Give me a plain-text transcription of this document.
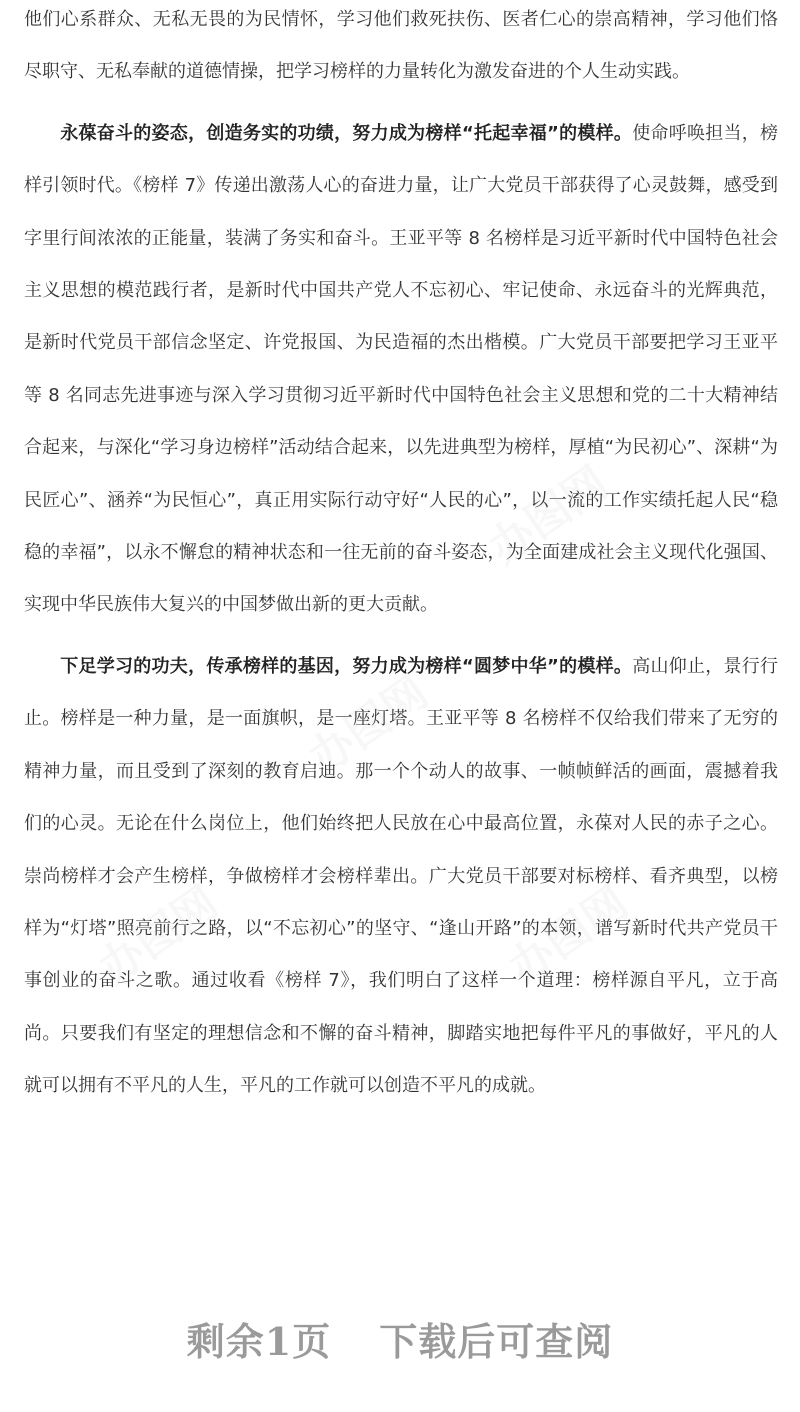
他们心系群众、无私无畏的为民情怀，学习他们救死扶伤、医者仁心的崇高精神，学习他们恪尽职守、无私奉献的道德情操，把学习榜样的力量转化为激发奋进的个人生动实践。

永葆奋斗的姿态，创造务实的功绩，努力成为榜样“托起幸福”的模样。使命呼唤担当，榜样引领时代。《榜样 7》传递出激荡人心的奋进力量，让广大党员干部获得了心灵鼓舞，感受到字里行间浓浓的正能量，装满了务实和奋斗。王亚平等 8 名榜样是习近平新时代中国特色社会主义思想的模范践行者，是新时代中国共产党人不忘初心、牢记使命、永远奋斗的光辉典范，是新时代党员干部信念坚定、许党报国、为民造福的杰出楷模。广大党员干部要把学习王亚平等 8 名同志先进事迹与深入学习贯彻习近平新时代中国特色社会主义思想和党的二十大精神结合起来，与深化“学习身边榜样”活动结合起来，以先进典型为榜样，厚植“为民初心”、深耕“为民匠心”、涵养“为民恒心”，真正用实际行动守好“人民的心”，以一流的工作实绩托起人民“稳稳的幸福”，以永不懈怠的精神状态和一往无前的奋斗姿态，为全面建成社会主义现代化强国、实现中华民族伟大复兴的中国梦做出新的更大贡献。

下足学习的功夫，传承榜样的基因，努力成为榜样“圆梦中华”的模样。高山仰止，景行行止。榜样是一种力量，是一面旗帜，是一座灯塔。王亚平等 8 名榜样不仅给我们带来了无穷的精神力量，而且受到了深刻的教育启迪。那一个个动人的故事、一帧帧鲜活的画面，震撼着我们的心灵。无论在什么岗位上，他们始终把人民放在心中最高位置，永葆对人民的赤子之心。崇尚榜样才会产生榜样，争做榜样才会榜样辈出。广大党员干部要对标榜样、看齐典型，以榜样为“灯塔”照亮前行之路，以“不忘初心”的坚守、“逢山开路”的本领，谱写新时代共产党员干事创业的奋斗之歌。通过收看《榜样 7》，我们明白了这样一个道理：榜样源自平凡，立于高尚。只要我们有坚定的理想信念和不懈的奋斗精神，脚踏实地把每件平凡的事做好，平凡的人就可以拥有不平凡的人生，平凡的工作就可以创造不平凡的成就。

办图网
办图网
办图网	办图网
剩余1页 下载后可查阅
